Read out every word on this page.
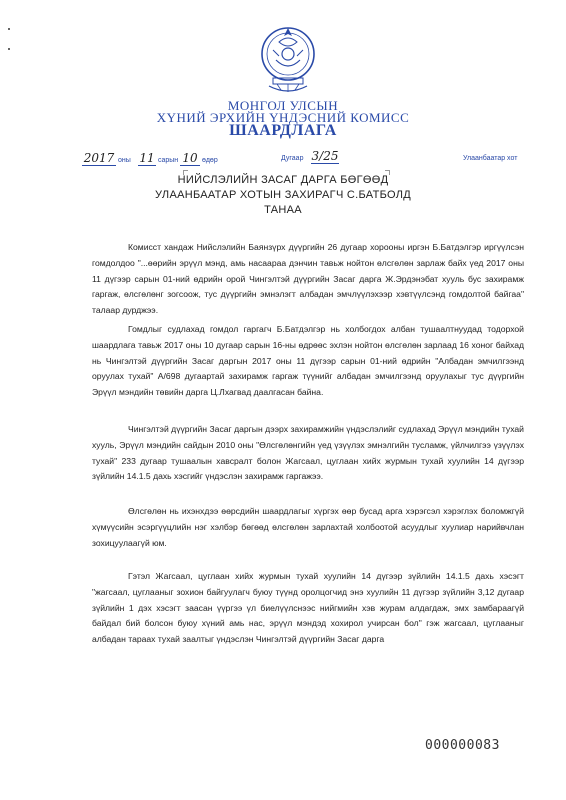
МОНГОЛ УЛСЫН
ХҮНИЙ ЭРХИЙН ҮНДЭСНИЙ КОМИСС
ШААРДЛАГА
2017 оны 11 сарын 10 өдөр	Дугаар 3/25	Улаанбаатар хот
НИЙСЛЭЛИЙН ЗАСАГ ДАРГА БӨГӨӨД
УЛААНБААТАР ХОТЫН ЗАХИРАГЧ С.БАТБОЛД
ТАНАА

Комисст хандаж Нийслэлийн Баянзүрх дүүргийн 26 дугаар хорооны иргэн Б.Батдэлгэр иргүүлсэн гомдолдоо "...өөрийн эрүүл мэнд, амь насаараа дэнчин тавьж нойтон өлсгөлөн зарлаж байх үед 2017 оны 11 дүгээр сарын 01-ний өдрийн орой Чингэлтэй дүүргийн Засаг дарга Ж.Эрдэнэбат хууль бус захирамж гаргаж, өлсгөлөнг зогсоож, тус дүүргийн эмнэлэгт албадан эмчлүүлэхээр хэвтүүлсэнд гомдолтой байгаа" талаар дурджээ.

Гомдлыг судлахад гомдол гаргагч Б.Батдэлгэр нь холбогдох албан тушаалтнуудад тодорхой шаардлага тавьж 2017 оны 10 дугаар сарын 16-ны өдрөөс эхлэн нойтон өлсгөлөн зарлаад 16 хоног байхад нь Чингэлтэй дүүргийн Засаг даргын 2017 оны 11 дүгээр сарын 01-ний өдрийн "Албадан эмчилгээнд оруулах тухай" А/698 дугаартай захирамж гаргаж түүнийг албадан эмчилгээнд оруулахыг тус дүүргийн Эрүүл мэндийн төвийн дарга Ц.Лхагвад даалгасан байна.

Чингэлтэй дүүргийн Засаг даргын дээрх захирамжийн үндэслэлийг судлахад Эрүүл мэндийн тухай хууль, Эрүүл мэндийн сайдын 2010 оны "Өлсгөлөнгийн үед үзүүлэх эмнэлгийн тусламж, үйлчилгээ үзүүлэх тухай" 233 дугаар тушаалын хавсралт болон Жагсаал, цуглаан хийх журмын тухай хуулийн 14 дүгээр зүйлийн 14.1.5 дахь хэсгийг үндэслэн захирамж гаргажээ.

Өлсгөлөн нь ихэнхдээ өөрсдийн шаардлагыг хүргэх өөр бусад арга хэрэгсэл хэрэглэх боломжгүй хүмүүсийн эсэргүүцлийн нэг хэлбэр бөгөөд өлсгөлөн зарлахтай холбоотой асуудлыг хуулиар нарийвчлан зохицуулаагүй юм.

Гэтэл Жагсаал, цуглаан хийх журмын тухай хуулийн 14 дүгээр зүйлийн 14.1.5 дахь хэсэгт "жагсаал, цуглааныг зохион байгуулагч буюу түүнд оролцогчид энэ хуулийн 11 дүгээр зүйлийн 3,12 дугаар зүйлийн 1 дэх хэсэгт заасан үүргээ үл биелүүлснээс нийгмийн хэв журам алдагдаж, эмх замбараагүй байдал бий болсон буюу хүний амь нас, эрүүл мэндэд хохирол учирсан бол" гэж жагсаал, цуглааныг албадан тараах тухай заалтыг үндэслэн Чингэлтэй дүүргийн Засаг дарга

000000083
